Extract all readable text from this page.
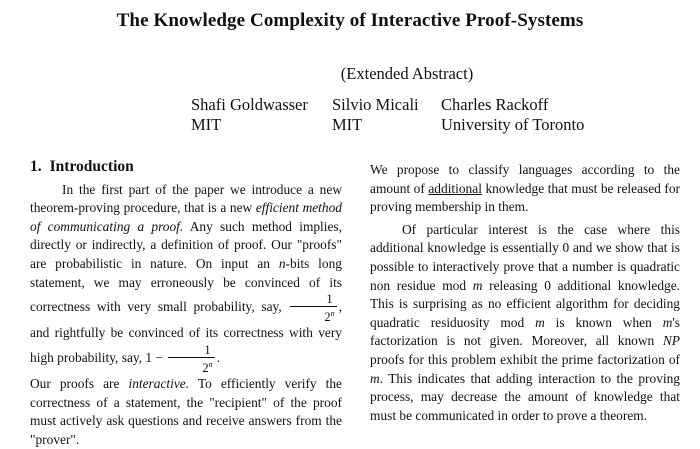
The Knowledge Complexity of Interactive Proof-Systems
(Extended Abstract)
Shafi Goldwasser
MIT
Silvio Micali
MIT
Charles Rackoff
University of Toronto
1. Introduction

In the first part of the paper we introduce a new theorem-proving procedure, that is a new efficient method of communicating a proof. Any such method implies, directly or indirectly, a definition of proof. Our "proofs" are probabilistic in nature. On input an n-bits long statement, we may erroneously be convinced of its correctness with very small probability, say, $\frac{1}{2^n}$ , and rightfully be convinced of its correctness with very high probability, say, $1 - \frac{1}{2^n}$ .

Our proofs are interactive. To efficiently verify the correctness of a statement, the "recipient" of the proof must actively ask questions and receive answers from the "prover".

We propose to classify languages according to the amount of additional knowledge that must be released for proving membership in them.

Of particular interest is the case where this additional knowledge is essentially 0 and we show that is possible to interactively prove that a number is quadratic non residue mod m releasing 0 additional knowledge. This is surprising as no efficient algorithm for deciding quadratic residuosity mod m is known when m's factorization is not given. Moreover, all known NP proofs for this problem exhibit the prime factorization of m. This indicates that adding interaction to the proving process, may decrease the amount of knowledge that must be communicated in order to prove a theorem.
